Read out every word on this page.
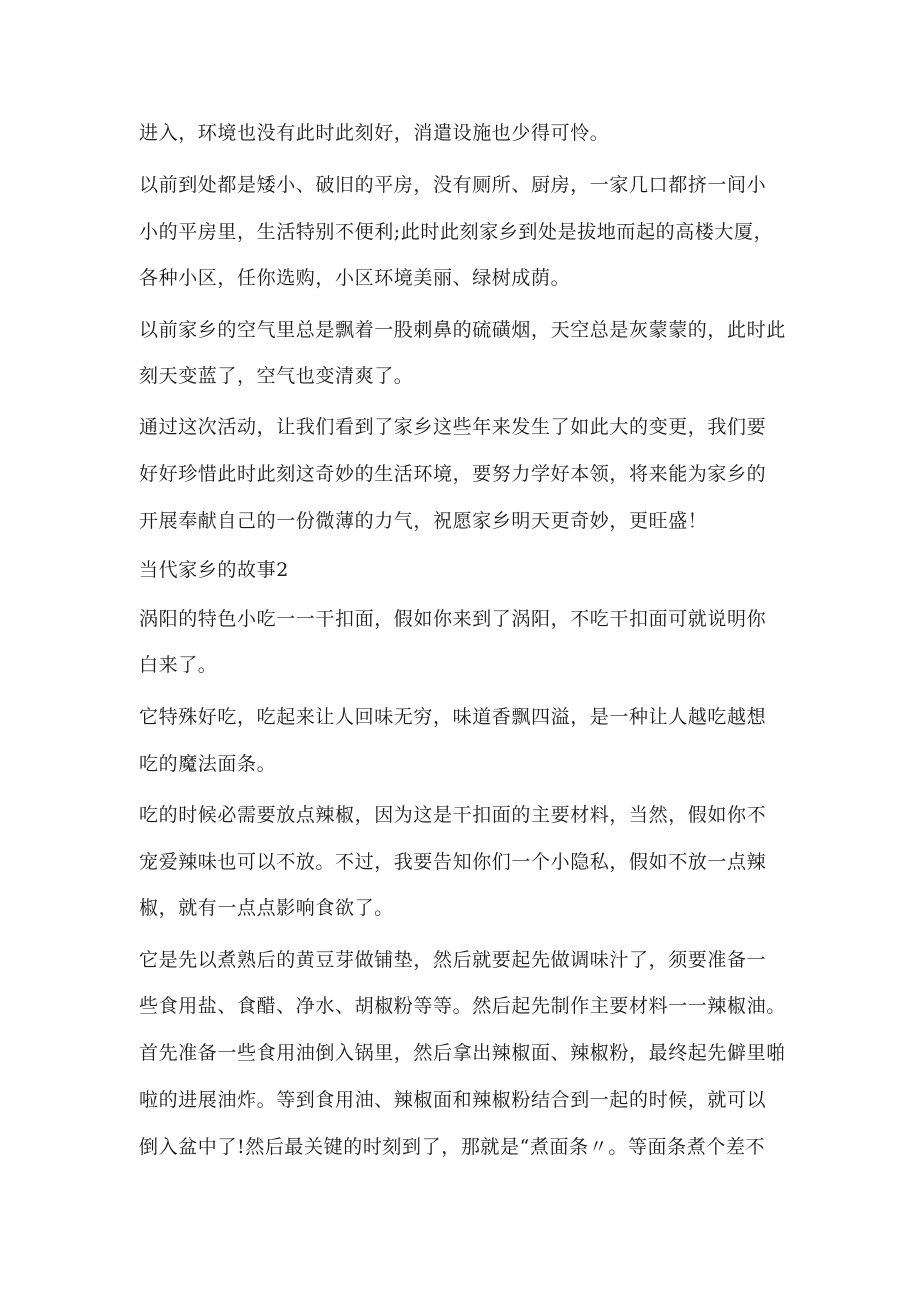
进入，环境也没有此时此刻好，消遣设施也少得可怜。
以前到处都是矮小、破旧的平房，没有厕所、厨房，一家几口都挤一间小
小的平房里，生活特别不便利;此时此刻家乡到处是拔地而起的高楼大厦，
各种小区，任你选购，小区环境美丽、绿树成荫。
以前家乡的空气里总是飘着一股刺鼻的硫磺烟，天空总是灰蒙蒙的，此时此
刻天变蓝了，空气也变清爽了。
通过这次活动，让我们看到了家乡这些年来发生了如此大的变更，我们要
好好珍惜此时此刻这奇妙的生活环境，要努力学好本领，将来能为家乡的
开展奉献自己的一份微薄的力气，祝愿家乡明天更奇妙，更旺盛！
当代家乡的故事2
涡阳的特色小吃一一干扣面，假如你来到了涡阳，不吃干扣面可就说明你
白来了。
它特殊好吃，吃起来让人回味无穷，味道香飘四溢，是一种让人越吃越想
吃的魔法面条。
吃的时候必需要放点辣椒，因为这是干扣面的主要材料，当然，假如你不
宠爱辣味也可以不放。不过，我要告知你们一个小隐私，假如不放一点辣
椒，就有一点点影响食欲了。
它是先以煮熟后的黄豆芽做铺垫，然后就要起先做调味汁了，须要准备一
些食用盐、食醋、净水、胡椒粉等等。然后起先制作主要材料一一辣椒油。
首先准备一些食用油倒入锅里，然后拿出辣椒面、辣椒粉，最终起先僻里啪
啦的进展油炸。等到食用油、辣椒面和辣椒粉结合到一起的时候，就可以
倒入盆中了!然后最关键的时刻到了，那就是“煮面条〃。等面条煮个差不
